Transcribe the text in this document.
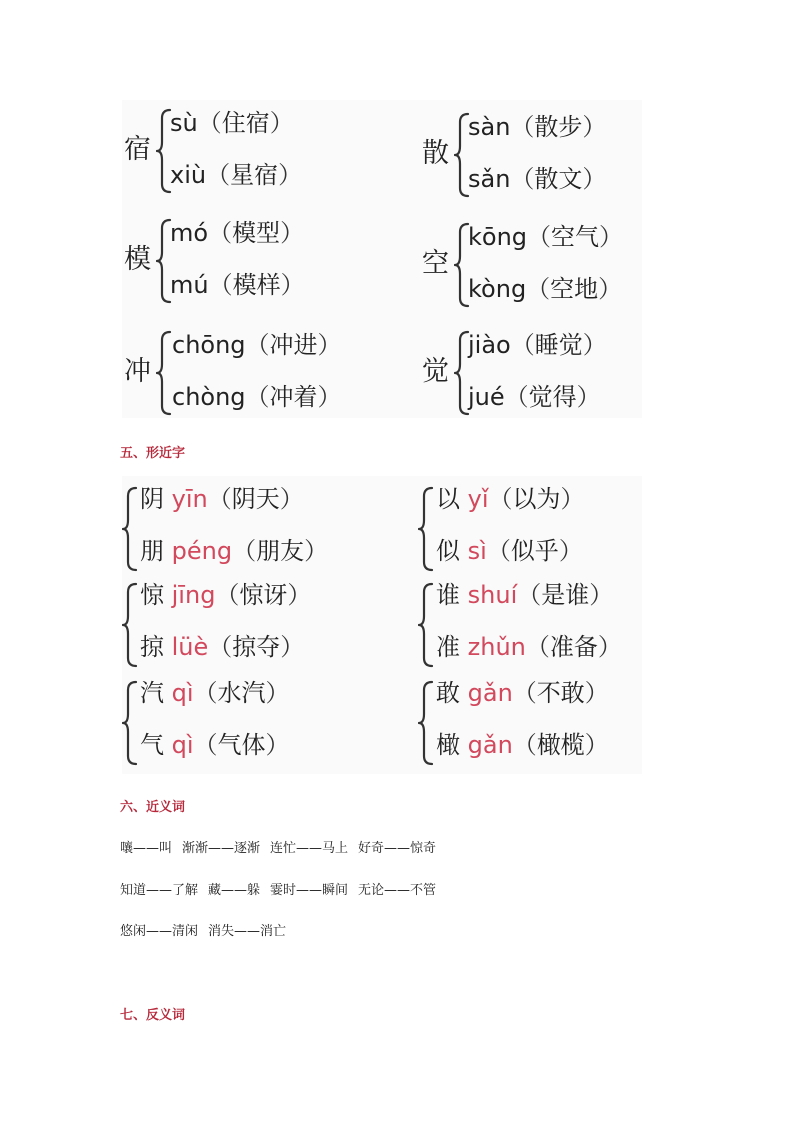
宿
sù（住宿）
xiù（星宿）
散
sàn（散步）
sǎn（散文）
模
mó（模型）
mú（模样）
空
kōng（空气）
kòng（空地）
冲
chōng（冲进）
chòng（冲着）
觉
jiào（睡觉）
jué（觉得）
五、形近字
阴 yīn（阴天）
朋 péng（朋友）
以 yǐ（以为）
似 sì（似乎）
惊 jīng（惊讶）
掠 lüè（掠夺）
谁 shuí（是谁）
准 zhǔn（准备）
汽 qì（水汽）
气 qì（气体）
敢 gǎn（不敢）
橄 gǎn（橄榄）
六、近义词
嚷——叫 渐渐——逐渐 连忙——马上 好奇——惊奇
知道——了解 藏——躲 霎时——瞬间 无论——不管
悠闲——清闲 消失——消亡
七、反义词
